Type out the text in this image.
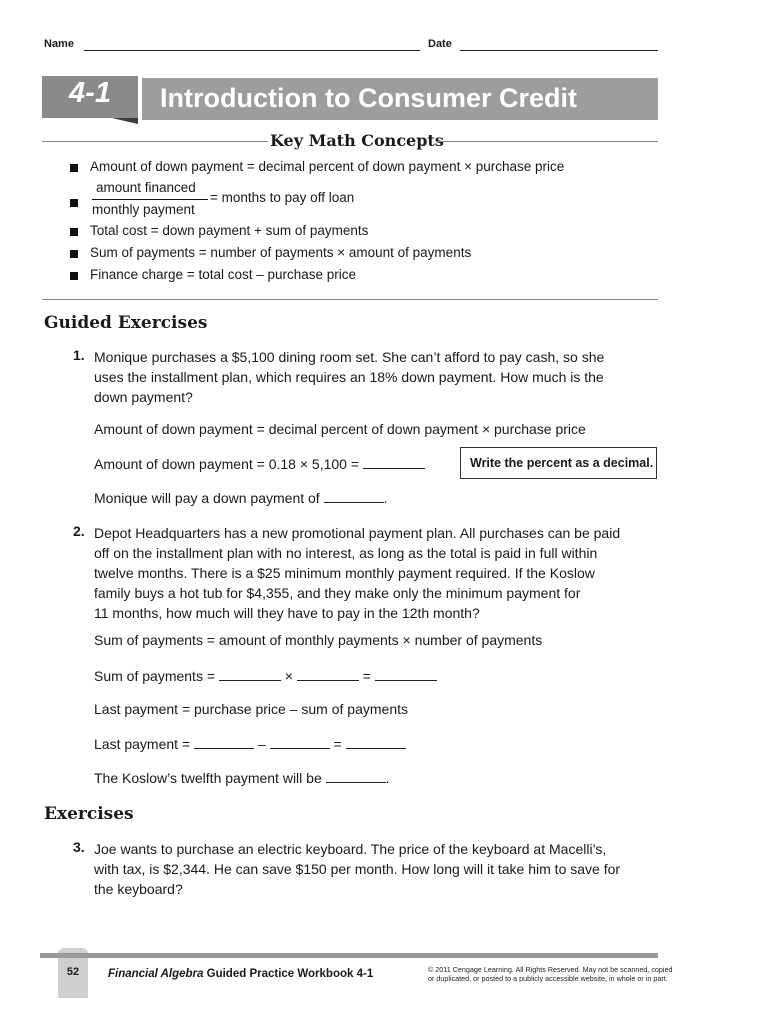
Name	Date
4-1	Introduction to Consumer Credit
Key Math Concepts
Amount of down payment = decimal percent of down payment × purchase price
amount financed
monthly payment
= months to pay off loan
Total cost = down payment + sum of payments
Sum of payments = number of payments × amount of payments
Finance charge = total cost – purchase price
Guided Exercises
1. Monique purchases a $5,100 dining room set. She can’t afford to pay cash, so she
uses the installment plan, which requires an 18% down payment. How much is the
down payment?
Amount of down payment = decimal percent of down payment × purchase price
Amount of down payment = 0.18 × 5,100 =	Write the percent as a decimal.
Monique will pay a down payment of	.
2. Depot Headquarters has a new promotional payment plan. All purchases can be paid
off on the installment plan with no interest, as long as the total is paid in full within
twelve months. There is a $25 minimum monthly payment required. If the Koslow
family buys a hot tub for $4,355, and they make only the minimum payment for
11 months, how much will they have to pay in the 12th month?
Sum of payments = amount of monthly payments × number of payments
Sum of payments =	×	=
Last payment = purchase price – sum of payments
Last payment =	–	=
The Koslow’s twelfth payment will be	.
Exercises
3. Joe wants to purchase an electric keyboard. The price of the keyboard at Macelli’s,
with tax, is $2,344. He can save $150 per month. How long will it take him to save for
the keyboard?
52	Financial Algebra Guided Practice Workbook 4-1	© 2011 Cengage Learning. All Rights Reserved. May not be scanned, copied
or duplicated, or posted to a publicly accessible website, in whole or in part.
